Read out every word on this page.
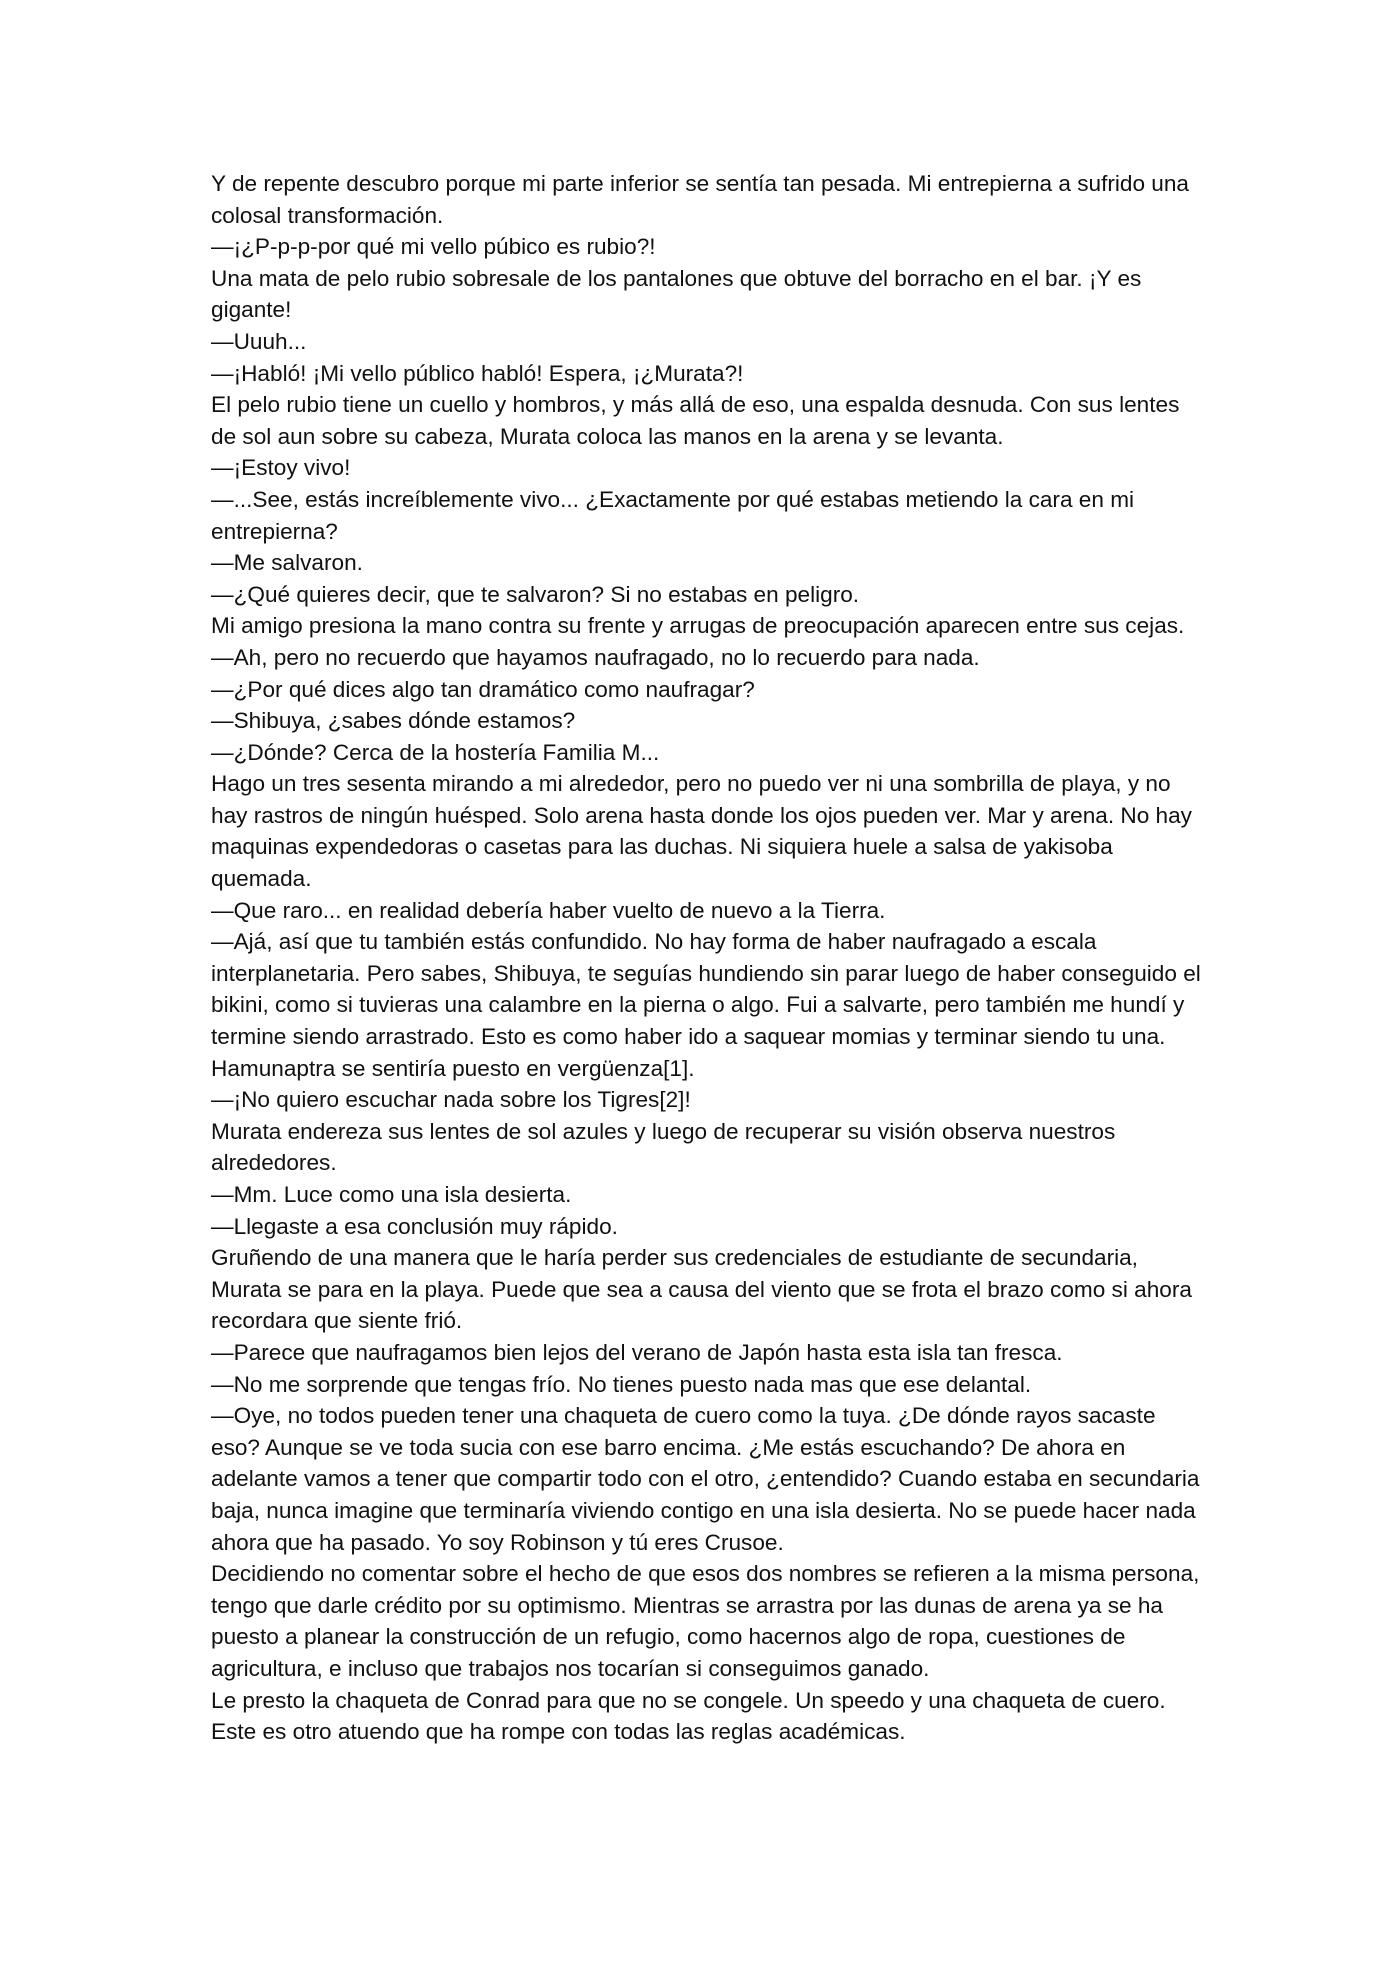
Y de repente descubro porque mi parte inferior se sentía tan pesada. Mi entrepierna a sufrido una colosal transformación.

—¡¿P-p-p-por qué mi vello púbico es rubio?!

Una mata de pelo rubio sobresale de los pantalones que obtuve del borracho en el bar. ¡Y es gigante!

—Uuuh...

—¡Habló! ¡Mi vello público habló! Espera, ¡¿Murata?!

El pelo rubio tiene un cuello y hombros, y más allá de eso, una espalda desnuda. Con sus lentes de sol aun sobre su cabeza, Murata coloca las manos en la arena y se levanta.

—¡Estoy vivo!

—...See, estás increíblemente vivo... ¿Exactamente por qué estabas metiendo la cara en mi entrepierna?

—Me salvaron.

—¿Qué quieres decir, que te salvaron? Si no estabas en peligro.

Mi amigo presiona la mano contra su frente y arrugas de preocupación aparecen entre sus cejas.

—Ah, pero no recuerdo que hayamos naufragado, no lo recuerdo para nada.

—¿Por qué dices algo tan dramático como naufragar?

—Shibuya, ¿sabes dónde estamos?

—¿Dónde? Cerca de la hostería Familia M...

Hago un tres sesenta mirando a mi alrededor, pero no puedo ver ni una sombrilla de playa, y no hay rastros de ningún huésped. Solo arena hasta donde los ojos pueden ver. Mar y arena. No hay maquinas expendedoras o casetas para las duchas. Ni siquiera huele a salsa de yakisoba quemada.

—Que raro... en realidad debería haber vuelto de nuevo a la Tierra.

—Ajá, así que tu también estás confundido. No hay forma de haber naufragado a escala interplanetaria. Pero sabes, Shibuya, te seguías hundiendo sin parar luego de haber conseguido el bikini, como si tuvieras una calambre en la pierna o algo. Fui a salvarte, pero también me hundí y termine siendo arrastrado. Esto es como haber ido a saquear momias y terminar siendo tu una. Hamunaptra se sentiría puesto en vergüenza[1].

—¡No quiero escuchar nada sobre los Tigres[2]!

Murata endereza sus lentes de sol azules y luego de recuperar su visión observa nuestros alrededores.

—Mm. Luce como una isla desierta.

—Llegaste a esa conclusión muy rápido.

Gruñendo de una manera que le haría perder sus credenciales de estudiante de secundaria, Murata se para en la playa. Puede que sea a causa del viento que se frota el brazo como si ahora recordara que siente frió.

—Parece que naufragamos bien lejos del verano de Japón hasta esta isla tan fresca.

—No me sorprende que tengas frío. No tienes puesto nada mas que ese delantal.

—Oye, no todos pueden tener una chaqueta de cuero como la tuya. ¿De dónde rayos sacaste eso? Aunque se ve toda sucia con ese barro encima. ¿Me estás escuchando? De ahora en adelante vamos a tener que compartir todo con el otro, ¿entendido? Cuando estaba en secundaria baja, nunca imagine que terminaría viviendo contigo en una isla desierta. No se puede hacer nada ahora que ha pasado. Yo soy Robinson y tú eres Crusoe.

Decidiendo no comentar sobre el hecho de que esos dos nombres se refieren a la misma persona, tengo que darle crédito por su optimismo. Mientras se arrastra por las dunas de arena ya se ha puesto a planear la construcción de un refugio, como hacernos algo de ropa, cuestiones de agricultura, e incluso que trabajos nos tocarían si conseguimos ganado.

Le presto la chaqueta de Conrad para que no se congele. Un speedo y una chaqueta de cuero. Este es otro atuendo que ha rompe con todas las reglas académicas.
